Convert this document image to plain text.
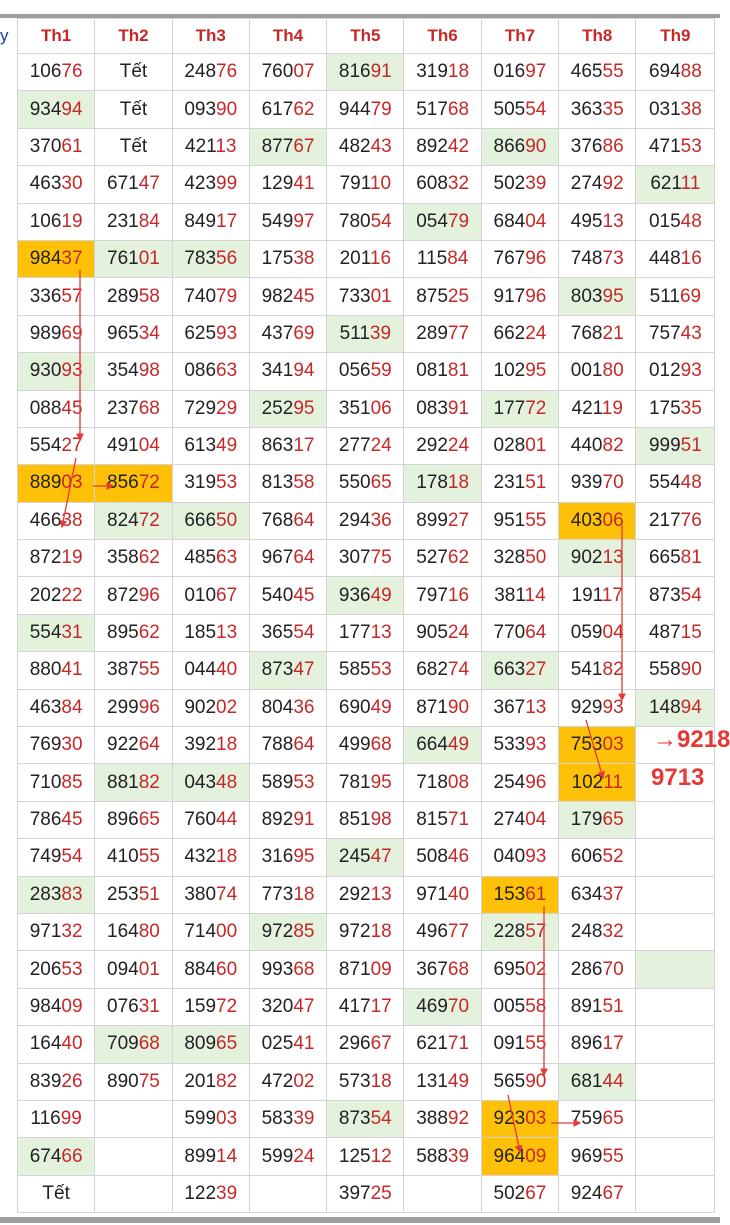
y	Th1	Th2	Th3	Th4	Th5	Th6	Th7	Th8	Th9
10676	Tết	24876	76007	81691	31918	01697	46555	69488
93494	Tết	09390	61762	94479	51768	50554	36335	03138
37061	Tết	42113	87767	48243	89242	86690	37686	47153
46330	67147	42399	12941	79110	60832	50239	27492	62111
10619	23184	84917	54997	78054	05479	68404	49513	01548
98437	76101	78356	17538	20116	11584	76796	74873	44816
33657	28958	74079	98245	73301	87525	91796	80395	51169
98969	96534	62593	43769	51139	28977	66224	76821	75743
93093	35498	08663	34194	05659	08181	10295	00180	01293
08845	23768	72929	25295	35106	08391	17772	42119	17535
55427	49104	61349	86317	27724	29224	02801	44082	99951
88903	85672	31953	81358	55065	17818	23151	93970	55448
46638	82472	66650	76864	29436	89927	95155	40306	21776
87219	35862	48563	96764	30775	52762	32850	90213	66581
20222	87296	01067	54045	93649	79716	38114	19117	87354
55431	89562	18513	36554	17713	90524	77064	05904	48715
88041	38755	04440	87347	58553	68274	66327	54182	55890
46384	29996	90202	80436	69049	87190	36713	92993	14894
76930	92264	39218	78864	49968	66449	53393	75303	
71085	88182	04348	58953	78195	71808	25496	10211	
78645	89665	76044	89291	85198	81571	27404	17965	
74954	41055	43218	31695	24547	50846	04093	60652	
28383	25351	38074	77318	29213	97140	15361	63437	
97132	16480	71400	97285	97218	49677	22857	24832	
20653	09401	88460	99368	87109	36768	69502	28670	
98409	07631	15972	32047	41717	46970	00558	89151	
16440	70968	80965	02541	29667	62171	09155	89617	
83926	89075	20182	47202	57318	13149	56590	68144	
11699		59903	58339	87354	38892	92303	75965	
67466		89914	59924	12512	58839	96409	96955	
Tết		12239		39725		50267	92467	
→9218
9713
